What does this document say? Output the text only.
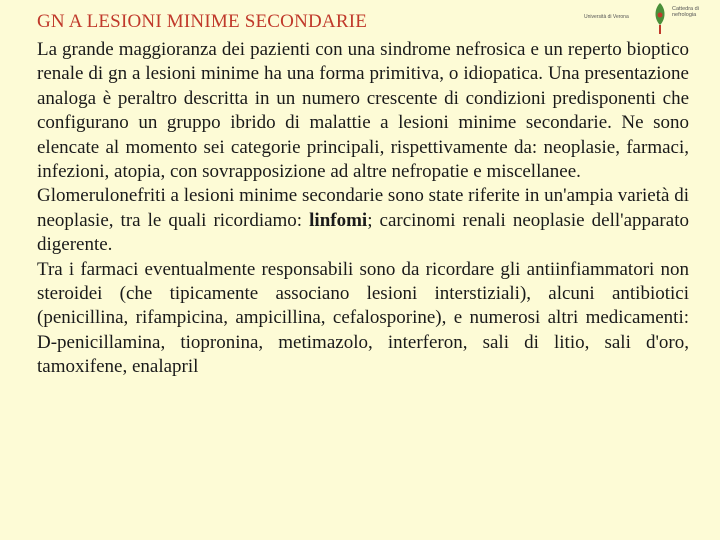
GN A LESIONI MINIME SECONDARIE	Università di Verona
Cattedra di nefrologia

La grande maggioranza dei pazienti con una sindrome nefrosica e un reperto bioptico renale di gn a lesioni minime ha una forma primitiva, o idiopatica. Una presentazione analoga è peraltro descritta in un numero crescente di condizioni predisponenti che configurano un gruppo ibrido di malattie a lesioni minime secondarie. Ne sono elencate al momento sei categorie principali, rispettivamente da: neoplasie, farmaci, infezioni, atopia, con sovrapposizione ad altre nefropatie e miscellanee.

Glomerulonefriti a lesioni minime secondarie sono state riferite in un'ampia varietà di neoplasie, tra le quali ricordiamo: linfomi; carcinomi renali neoplasie dell'apparato digerente.

Tra i farmaci eventualmente responsabili sono da ricordare gli antiinfiammatori non steroidei (che tipicamente associano lesioni interstiziali), alcuni antibiotici (penicillina, rifampicina, ampicillina, cefalosporine), e numerosi altri medicamenti: D-penicillamina, tiopronina, metimazolo, interferon, sali di litio, sali d'oro, tamoxifene, enalapril
